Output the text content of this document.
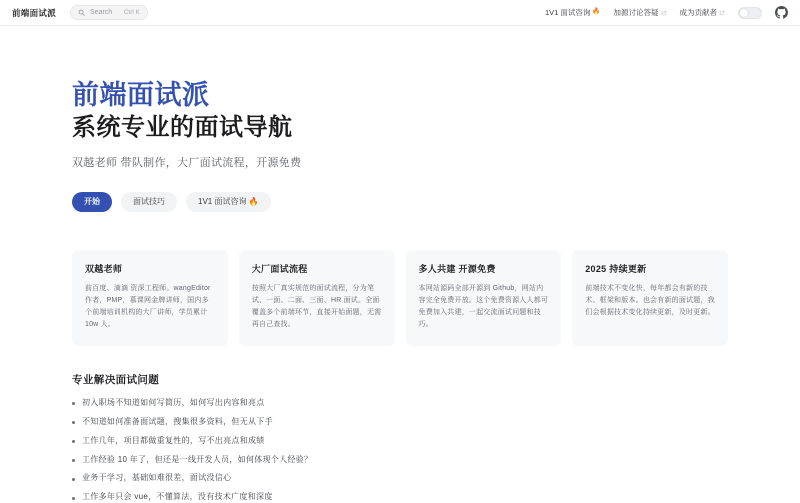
前端面试派	Search Ctrl K	1V1 面试咨询 🔥 加源讨论答疑	成为贡献者
前端面试派
系统专业的面试导航
双越老师 带队制作，大厂面试流程，开源免费
开始	面试技巧	1V1 面试咨询 🔥
双越老师
前百度、滴滴 资深工程师。wangEditor 作者，PMP，慕课网金牌讲师，国内多个前端培训机构的大厂讲师，学员累计 10w 人。
大厂面试流程
按照大厂真实规范的面试流程，分为笔试、一面、二面、三面、HR 面试。全面覆盖多个前端环节，直接开始面题，无需再自己查找。
多人共建 开源免费
本网站源码全部开源到 Github，网站内容完全免费开放。这个免费资源人人都可免费加入共建，一起交流面试问题和技巧。
2025 持续更新
前端技术不变化快，每年都会有新的技术、框架和版本。也会有新的面试题，我们会根据技术变化持续更新，及时更新。
专业解决面试问题
初入职场不知道如何写简历，如何写出内容和亮点
不知道如何准备面试题，搜集很多资料，但无从下手
工作几年，项目都做重复性的，写不出亮点和成绩
工作经验 10 年了，但还是一线开发人员，如何体现个人经验？
业务干学习，基础如难很差，面试没信心
工作多年只会 vue，不懂算法，没有技术广度和深度
